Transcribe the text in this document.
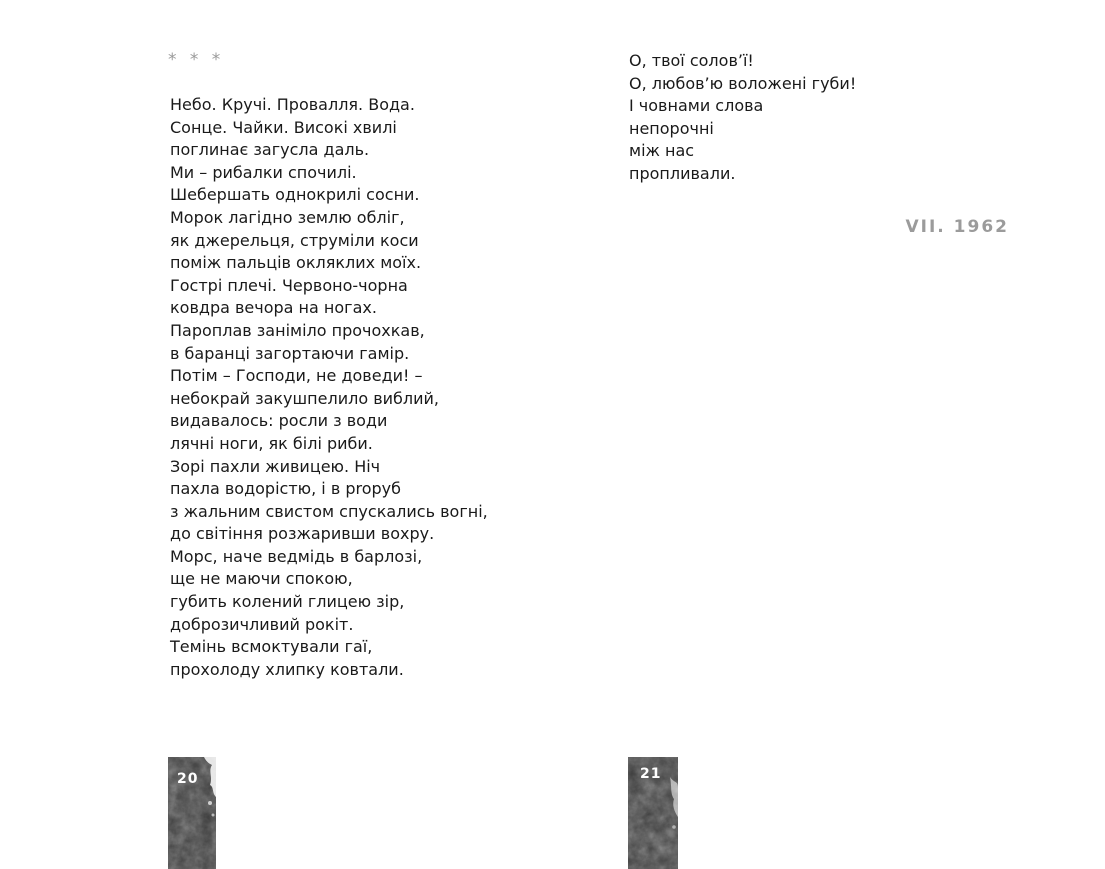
* * *
Небо. Кручі. Провалля. Вода.
Сонце. Чайки. Високі хвилі
поглинає загусла даль.
Ми – рибалки спочилі.
Шебершать однокрилі сосни.
Морок лагідно землю обліг,
як джерельця, струміли коси
поміж пальців окляклих моїх.
Гострі плечі. Червоно-чорна
ковдра вечора на ногах.
Пароплав заніміло прочохкав,
в баранці загортаючи гамір.
Потім – Господи, не доведи! –
небокрай закушпелило виблий,
видавалось: росли з води
лячні ноги, як білі риби.
Зорі пахли живицею. Ніч
пахла водорістю, і в proруб
з жальним свистом спускались вогні,
до світіння розжаривши вохру.
Морс, наче ведмідь в барлозі,
ще не маючи спокою,
губить колений глицею зір,
доброзичливий рокіт.
Темінь всмоктували гаї,
прохолоду хлипку ковтали.
20
О, твої солов’ї!
О, любов’ю воложені губи!
І човнами слова
непорочні
між нас
пропливали.
VII. 1962
21
